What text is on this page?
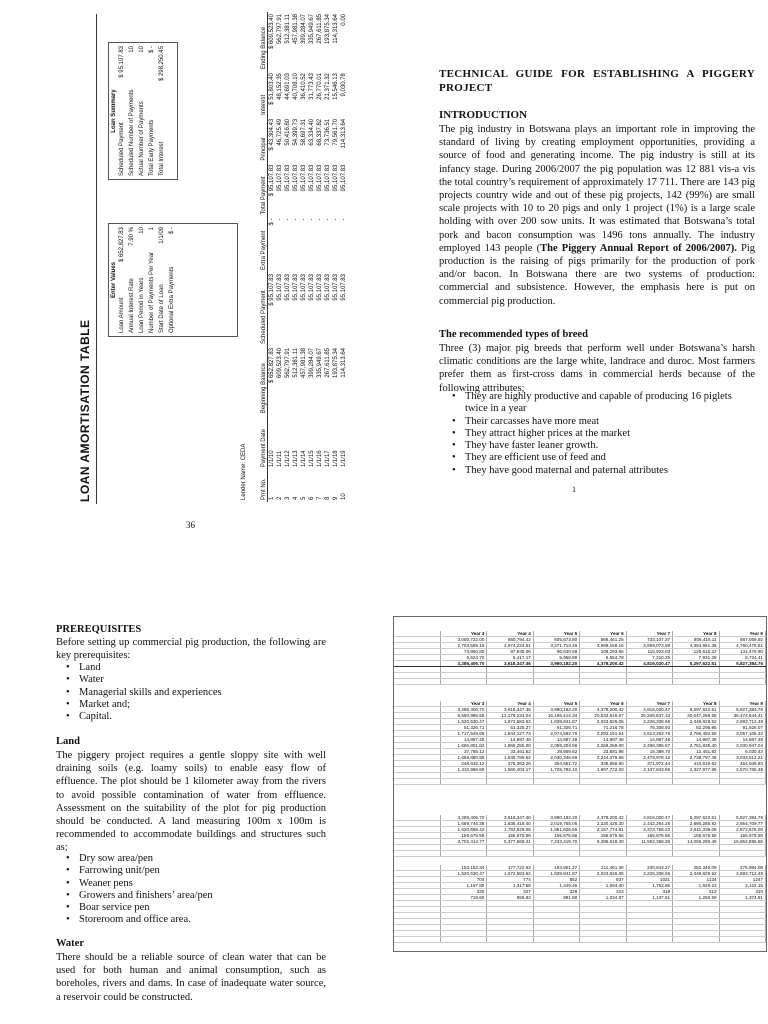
LOAN AMORTISATION TABLE
Enter Values
Loan Amount
$ 652,827.83
Annual Interest Rate
7.90 %
Loan Period in Years
10
Number of Payments Per Year
1
Start Date of Loan
1/1/09
Optional Extra Payments
$ -
Loan Summary
Scheduled Payment
$ 95,107.83
Scheduled Number of Payments
10
Actual Number of Payments
10
Total Early Payments
$ -
Total Interest
$ 298,250.45
Lender Name: CEDA Pmt No.	Payment Date	Beginning Balance	Scheduled Payment	Extra Payment	Total Payment	Principal	Interest	Ending Balance
1	1/1/10	$ 652,827.83	$ 95,107.83	$ -	$ 95,107.83	$ 43,304.43	$ 51,803.40	$ 609,523.40
2	1/1/11	609,523.40	95,107.83	-	95,107.83	46,725.49	48,152.35	562,797.91
3	1/1/12	562,797.91	95,107.83	-	95,107.83	50,416.80	44,691.03	512,381.11
4	1/1/13	512,381.11	95,107.83	-	95,107.83	54,399.73	40,708.10	457,981.38
5	1/1/14	457,981.38	95,107.83	-	95,107.83	58,697.31	36,410.52	399,284.07
6	1/1/15	399,284.07	95,107.83	-	95,107.83	63,334.40	31,773.43	335,949.67
7	1/1/16	335,949.67	95,107.83	-	95,107.83	68,337.82	26,770.01	267,611.85
8	1/1/17	267,611.85	95,107.83	-	95,107.83	73,736.51	21,371.32	193,875.34
9	1/1/18	193,875.34	95,107.83	-	95,107.83	79,561.70	15,546.13	114,313.64
10	1/1/19	114,313.64	95,107.83	-	95,107.83	114,313.64	9,030.78	0.00
36
TECHNICAL GUIDE FOR ESTABLISHING A PIGGERY PROJECT
INTRODUCTION
The pig industry in Botswana plays an important role in improving the standard of living by creating employment opportunities, providing a source of food and generating income. The pig industry is still at its infancy stage. During 2006/2007 the pig population was 12 881 vis-a vis the total country’s requirement of approximately 17 711. There are 143 pig projects country wide and out of these pig projects, 142 (99%) are small scale projects with 10 to 20 pigs and only 1 project (1%) is a large scale holding with over 200 sow units. It was estimated that Botswana’s total pork and bacon consumption was 1496 tons annually. The industry employed 143 people (The Piggery Annual Report of 2006/2007). Pig production is the raising of pigs primarily for the production of pork and/or bacon. In Botswana there are two systems of production: commercial and subsistence. However, the emphasis here is put on commercial pig production.
The recommended types of breed
Three (3) major pig breeds that perform well under Botswana’s harsh climatic conditions are the large white, landrace and duroc. Most farmers prefer them as first-cross dams in commercial herds because of the following attributes;
• They are highly productive and capable of producing 16 piglets twice in a year
• Their carcasses have more meat
• They attract higher prices at the market
• They have faster leaner growth.
• They are efficient use of feed and
• They have good maternal and paternal attributes
1
PREREQUISITES
Before setting up commercial pig production, the following are key prerequisites:
• Land
• Water
• Managerial skills and experiences
• Market and;
• Capital.
Land
The piggery project requires a gentle sloppy site with well draining soils (e.g. loamy soils) to enable easy flow of effluence. The plot should be 1 kilometer away from the rivers to avoid possible contamination of water from effluence. Assessment on the suitability of the plot for pig production should be conducted. A land measuring 100m x 100m is recommended to accommodate buildings and structures such as;
• Dry sow area/pen
• Farrowing unit/pen
• Weaner pens
• Growers and finishers’ area/pen
• Boar service pen
• Storeroom and office area.
Water
There should be a reliable source of clean water that can be used for both human and animal consumption, such as boreholes, rivers and dams. In case of inadequate water source, a reservoir could be constructed.
	Year 3	Year 4	Year 5	Year 6	Year 7	Year 8	Year 9
	3,000,722.00	550,794.42	605,673.80	666,461.25	733,107.37	806,418.11	887,059.92
	2,703,565.16	2,974,224.51	3,271,713.46	3,599,158.16	3,959,073.98	4,354,981.38	4,790,479.51
	73,860.80	87,945.06	96,630.66	106,293.66	116,923.03	128,615.22	141,476.90
	6,524.70	5,417.17	5,958.89	6,554.78	7,210.25	7,931.28	8,724.41
	3,285,406.70	3,618,347.46	3,980,182.20	4,378,200.42	4,816,020.47	5,297,622.51	5,827,384.76

	Year 3	Year 4	Year 5	Year 6	Year 7	Year 8	Year 9
	3,285,406.70	3,618,347.46	3,980,182.20	4,378,200.42	4,816,020.47	5,297,622.51	5,827,384.76
	8,550,886.58	12,179,234.04	16,155,414.34	20,533,616.67	25,349,637.13	30,647,259.65	36,474,644.41
	1,520,530.47	1,672,583.52	1,839,841.87	2,023,826.06	2,226,208.66	2,448,829.52	2,693,712.48
	51,326.71	61,325.27	61,326.71	71,216.78	76,308.93	82,295.95	91,926.07
	1,717,549.65	1,844,127.73	2,074,592.76	2,293,151.54	2,513,253.76	2,766,492.58	3,057,105.32
	14,887.48	14,887.48	14,887.48	14,887.48	14,887.48	14,887.48	14,887.48
	1,696,801.82	1,869,255.00	2,059,204.86	2,268,269.00	2,498,395.57	2,751,835.40	3,030,947.04
	37,785.12	33,461.62	28,959.62	23,881.98	18,389.70	12,461.92	6,030.43
	1,659,880.86	1,835,789.52	2,030,349.69	2,244,378.66	2,479,978.12	2,738,797.48	3,033,512.21
	248,632.12	275,383.26	304,551.72	336,656.80	371,972.44	410,819.62	454,946.83
	1,410,986.68	1,560,403.17	1,725,793.10	1,907,722.00	2,107,843.65	2,327,977.86	2,570,765.38

	3,285,406.70	3,618,347.46	3,980,182.20	4,378,200.42	4,816,020.47	5,297,622.51	5,827,384.76
	1,669,746.36	1,835,418.40	2,019,755.05	2,220,426.30	2,442,264.25	2,686,285.82	2,954,709.77
	1,620,658.42	1,782,929.05	1,961,626.55	2,157,774.61	2,373,756.22	2,611,336.08	2,872,675.00
	155,675.56	155,675.56	155,675.56	155,675.56	155,675.56	155,675.56	155,675.56
	3,702,414.77	5,377,668.41	7,233,419.70	9,285,518.40	11,553,358.29	14,059,290.49	16,852,895.55

	153,153.34	177,722.62	193,901.27	211,461.36	230,643.27	252,346.09	275,984.08
	1,520,530.47	1,672,583.52	1,839,841.87	2,023,826.06	2,226,208.66	2,448,829.52	2,693,712.48
	704	774	852	937	1031	1134	1247
	1,197.80	1,317.58	1,449.46	1,594.40	1,753.85	1,929.23	2,122.15
	330	327	326	323	318	313	310
	719.60	856.83	981.58	1,034.87	1,137.51	1,250.59	1,374.81
